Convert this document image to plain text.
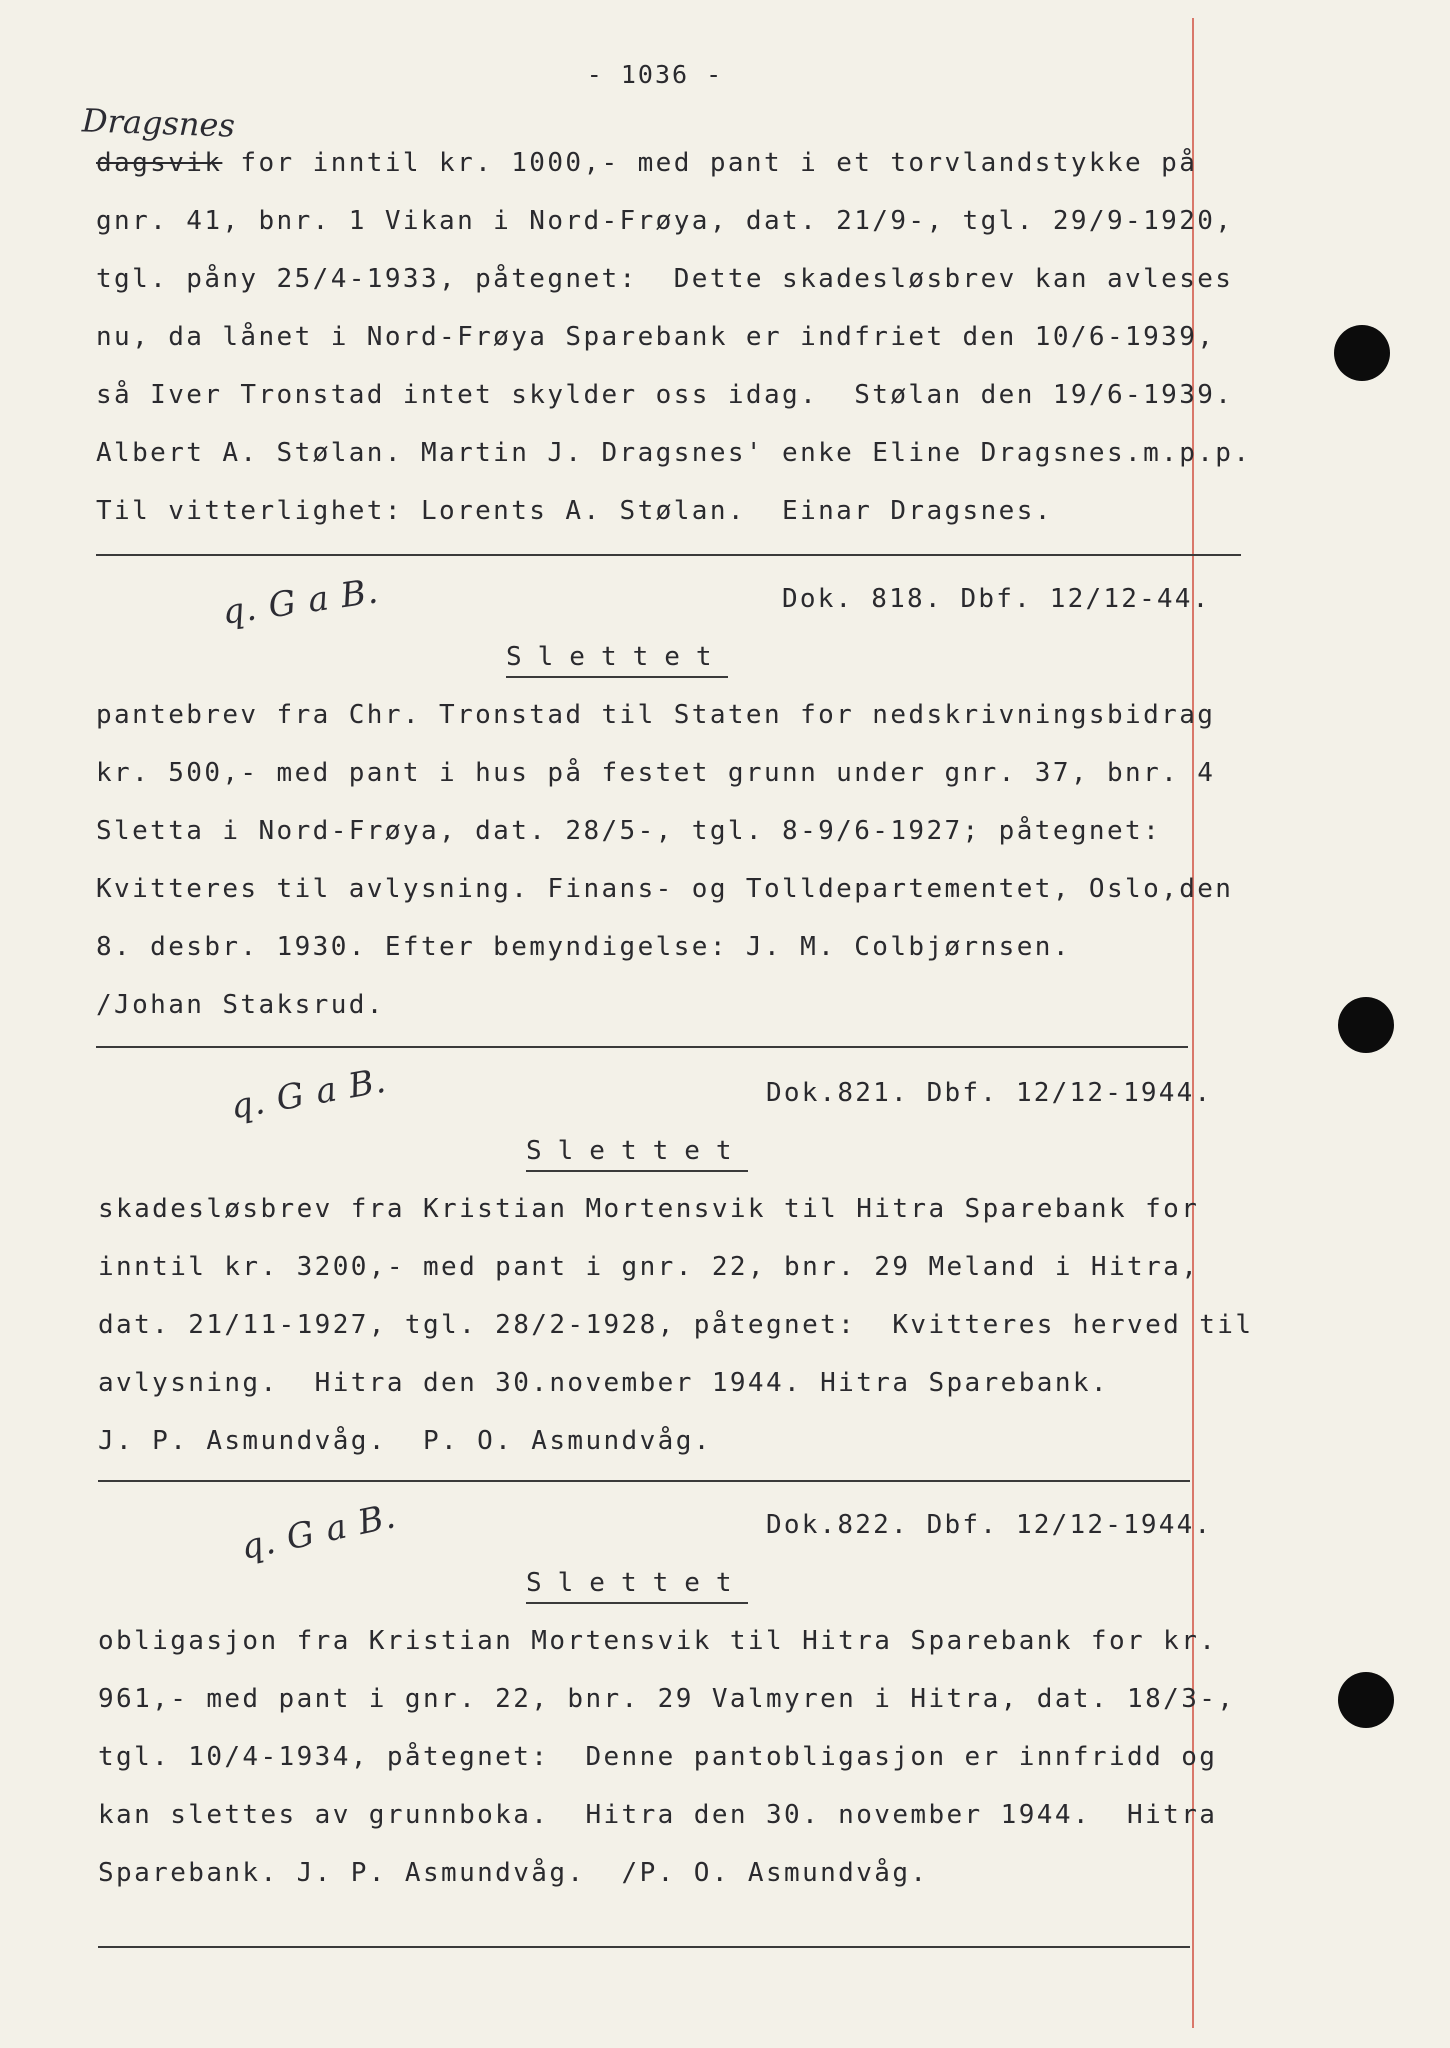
- 1036 -
Dragsnes
dagsvik for inntil kr. 1000,- med pant i et torvlandstykke på
gnr. 41, bnr. 1 Vikan i Nord-Frøya, dat. 21/9-, tgl. 29/9-1920,
tgl. påny 25/4-1933, påtegnet:  Dette skadesløsbrev kan avleses
nu, da lånet i Nord-Frøya Sparebank er indfriet den 10/6-1939,
så Iver Tronstad intet skylder oss idag.  Stølan den 19/6-1939.
Albert A. Stølan. Martin J. Dragsnes' enke Eline Dragsnes.m.p.p.
Til vitterlighet: Lorents A. Stølan.  Einar Dragsnes.
q. G a B.	Dok. 818. Dbf. 12/12-44.
Slettet
pantebrev fra Chr. Tronstad til Staten for nedskrivningsbidrag
kr. 500,- med pant i hus på festet grunn under gnr. 37, bnr. 4
Sletta i Nord-Frøya, dat. 28/5-, tgl. 8-9/6-1927; påtegnet:
Kvitteres til avlysning. Finans- og Tolldepartementet, Oslo,den
8. desbr. 1930. Efter bemyndigelse: J. M. Colbjørnsen.
/Johan Staksrud.
q. G a B.	Dok.821. Dbf. 12/12-1944.
Slettet
skadesløsbrev fra Kristian Mortensvik til Hitra Sparebank for
inntil kr. 3200,- med pant i gnr. 22, bnr. 29 Meland i Hitra,
dat. 21/11-1927, tgl. 28/2-1928, påtegnet:  Kvitteres herved til
avlysning.  Hitra den 30.november 1944. Hitra Sparebank.
J. P. Asmundvåg.  P. O. Asmundvåg.
q. G a B.	Dok.822. Dbf. 12/12-1944.
Slettet
obligasjon fra Kristian Mortensvik til Hitra Sparebank for kr.
961,- med pant i gnr. 22, bnr. 29 Valmyren i Hitra, dat. 18/3-,
tgl. 10/4-1934, påtegnet:  Denne pantobligasjon er innfridd og
kan slettes av grunnboka.  Hitra den 30. november 1944.  Hitra
Sparebank. J. P. Asmundvåg.  /P. O. Asmundvåg.
